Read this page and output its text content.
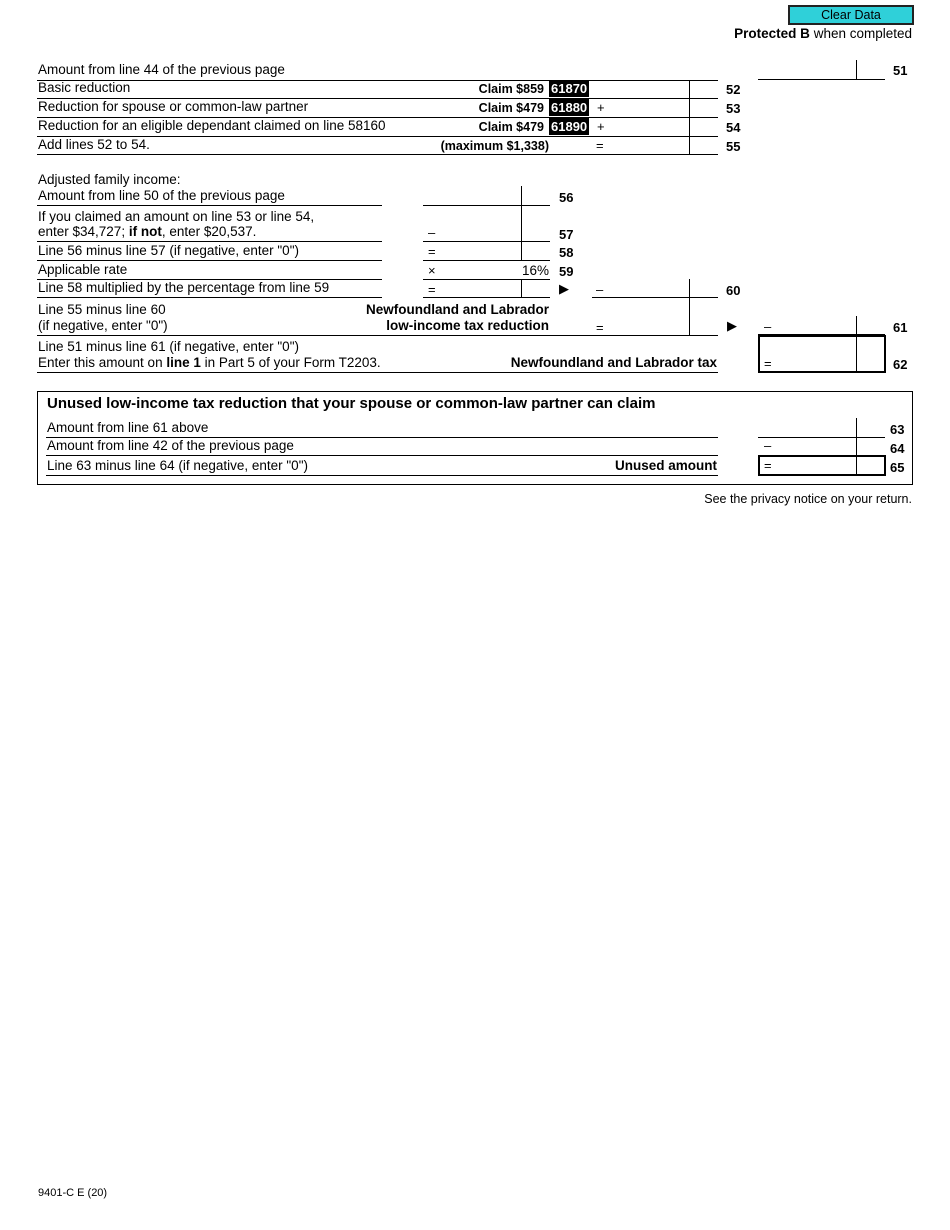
Clear Data
Protected B when completed
Amount from line 44 of the previous page	51
Basic reduction	Claim $859 61870	52
Reduction for spouse or common-law partner	Claim $479 61880 +	53
Reduction for an eligible dependant claimed on line 58160	Claim $479 61890 +	54
Add lines 52 to 54.	(maximum $1,338)	=	55
Adjusted family income:
Amount from line 50 of the previous page	56
If you claimed an amount on line 53 or line 54,
enter $34,727; if not, enter $20,537.	–	57
Line 56 minus line 57 (if negative, enter "0")	=	58
Applicable rate	×	16% 59
Line 58 multiplied by the percentage from line 59	=	▶ –	60
Line 55 minus line 60
(if negative, enter "0")
Newfoundland and Labrador
low-income tax reduction	=	▶ –	61
Line 51 minus line 61 (if negative, enter "0")
Enter this amount on line 1 in Part 5 of your Form T2203.	Newfoundland and Labrador tax	=	62
Unused low-income tax reduction that your spouse or common-law partner can claim
Amount from line 61 above	63
Amount from line 42 of the previous page	–	64
Line 63 minus line 64 (if negative, enter "0")	Unused amount	=	65
See the privacy notice on your return.
9401-C E (20)
